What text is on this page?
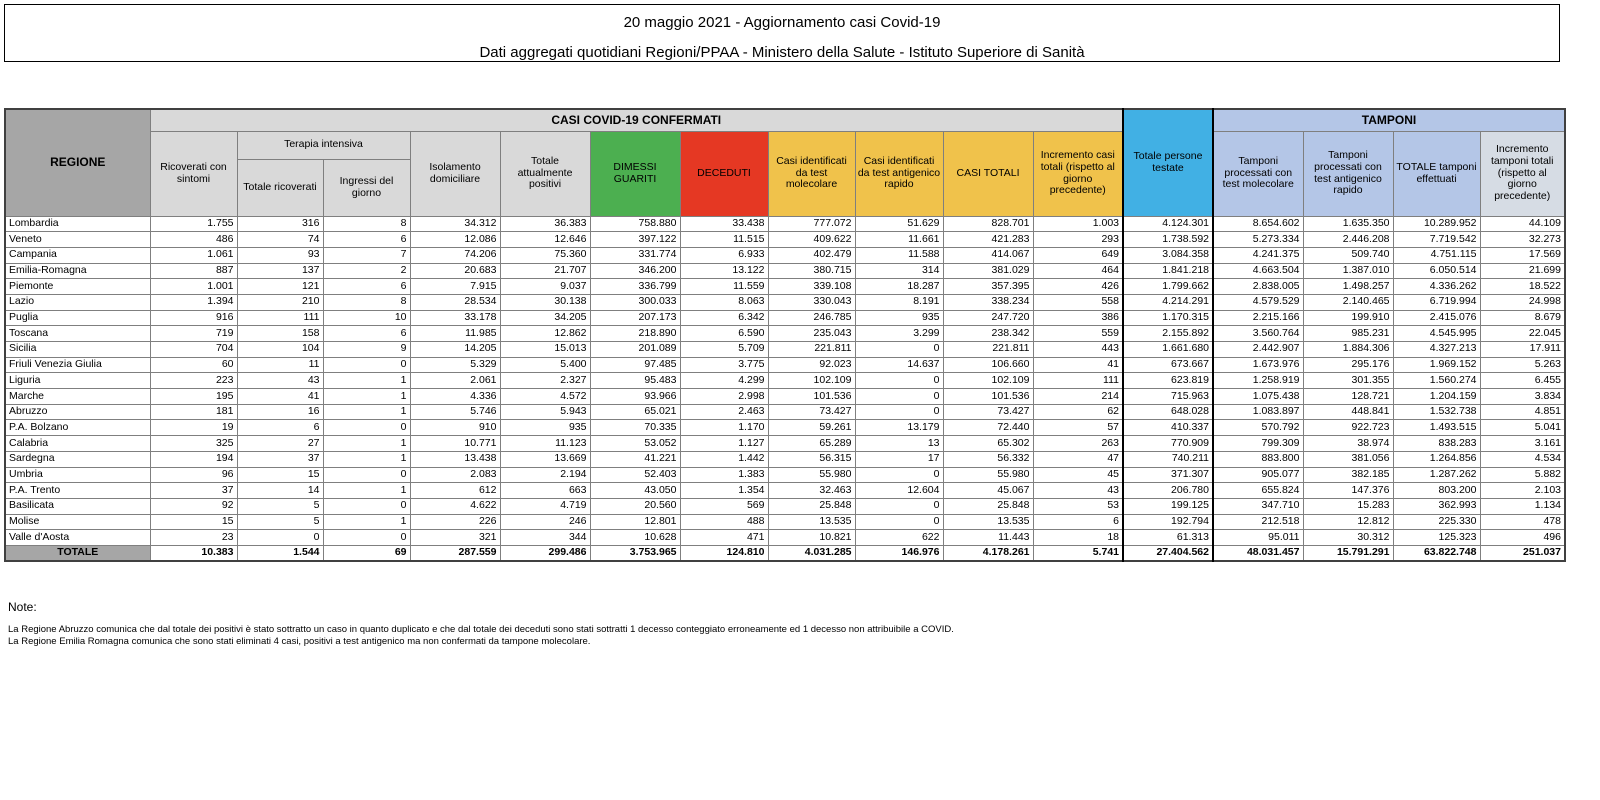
20 maggio 2021 - Aggiornamento casi Covid-19
Dati aggregati quotidiani Regioni/PPAA - Ministero della Salute - Istituto Superiore di Sanità
REGIONE	CASI COVID-19 CONFERMATI											Totale persone testate	TAMPONI			
	Ricoverati con sintomi	Terapia intensiva		Isolamento domiciliare	Totale attualmente positivi	DIMESSI GUARITI	DECEDUTI	Casi identificati da test molecolare	Casi identificati da test antigenico rapido	CASI TOTALI	Incremento casi totali (rispetto al giorno precedente)		Tamponi processati con test molecolare	Tamponi processati con test antigenico rapido	TOTALE tamponi effettuati	Incremento tamponi totali (rispetto al giorno precedente)
		Totale ricoverati	Ingressi del giorno													
Lombardia	1.755	316	8	34.312	36.383	758.880	33.438	777.072	51.629	828.701	1.003	4.124.301	8.654.602	1.635.350	10.289.952	44.109
Veneto	486	74	6	12.086	12.646	397.122	11.515	409.622	11.661	421.283	293	1.738.592	5.273.334	2.446.208	7.719.542	32.273
Campania	1.061	93	7	74.206	75.360	331.774	6.933	402.479	11.588	414.067	649	3.084.358	4.241.375	509.740	4.751.115	17.569
Emilia-Romagna	887	137	2	20.683	21.707	346.200	13.122	380.715	314	381.029	464	1.841.218	4.663.504	1.387.010	6.050.514	21.699
Piemonte	1.001	121	6	7.915	9.037	336.799	11.559	339.108	18.287	357.395	426	1.799.662	2.838.005	1.498.257	4.336.262	18.522
Lazio	1.394	210	8	28.534	30.138	300.033	8.063	330.043	8.191	338.234	558	4.214.291	4.579.529	2.140.465	6.719.994	24.998
Puglia	916	111	10	33.178	34.205	207.173	6.342	246.785	935	247.720	386	1.170.315	2.215.166	199.910	2.415.076	8.679
Toscana	719	158	6	11.985	12.862	218.890	6.590	235.043	3.299	238.342	559	2.155.892	3.560.764	985.231	4.545.995	22.045
Sicilia	704	104	9	14.205	15.013	201.089	5.709	221.811	0	221.811	443	1.661.680	2.442.907	1.884.306	4.327.213	17.911
Friuli Venezia Giulia	60	11	0	5.329	5.400	97.485	3.775	92.023	14.637	106.660	41	673.667	1.673.976	295.176	1.969.152	5.263
Liguria	223	43	1	2.061	2.327	95.483	4.299	102.109	0	102.109	111	623.819	1.258.919	301.355	1.560.274	6.455
Marche	195	41	1	4.336	4.572	93.966	2.998	101.536	0	101.536	214	715.963	1.075.438	128.721	1.204.159	3.834
Abruzzo	181	16	1	5.746	5.943	65.021	2.463	73.427	0	73.427	62	648.028	1.083.897	448.841	1.532.738	4.851
P.A. Bolzano	19	6	0	910	935	70.335	1.170	59.261	13.179	72.440	57	410.337	570.792	922.723	1.493.515	5.041
Calabria	325	27	1	10.771	11.123	53.052	1.127	65.289	13	65.302	263	770.909	799.309	38.974	838.283	3.161
Sardegna	194	37	1	13.438	13.669	41.221	1.442	56.315	17	56.332	47	740.211	883.800	381.056	1.264.856	4.534
Umbria	96	15	0	2.083	2.194	52.403	1.383	55.980	0	55.980	45	371.307	905.077	382.185	1.287.262	5.882
P.A. Trento	37	14	1	612	663	43.050	1.354	32.463	12.604	45.067	43	206.780	655.824	147.376	803.200	2.103
Basilicata	92	5	0	4.622	4.719	20.560	569	25.848	0	25.848	53	199.125	347.710	15.283	362.993	1.134
Molise	15	5	1	226	246	12.801	488	13.535	0	13.535	6	192.794	212.518	12.812	225.330	478
Valle d'Aosta	23	0	0	321	344	10.628	471	10.821	622	11.443	18	61.313	95.011	30.312	125.323	496
TOTALE	10.383	1.544	69	287.559	299.486	3.753.965	124.810	4.031.285	146.976	4.178.261	5.741	27.404.562	48.031.457	15.791.291	63.822.748	251.037
Note:
La Regione Abruzzo comunica che dal totale dei positivi è stato sottratto un caso in quanto duplicato e che dal totale dei deceduti sono stati sottratti 1 decesso conteggiato erroneamente ed 1 decesso non attribuibile a COVID.
La Regione Emilia Romagna comunica che sono stati eliminati 4 casi, positivi a test antigenico ma non confermati da tampone molecolare.
